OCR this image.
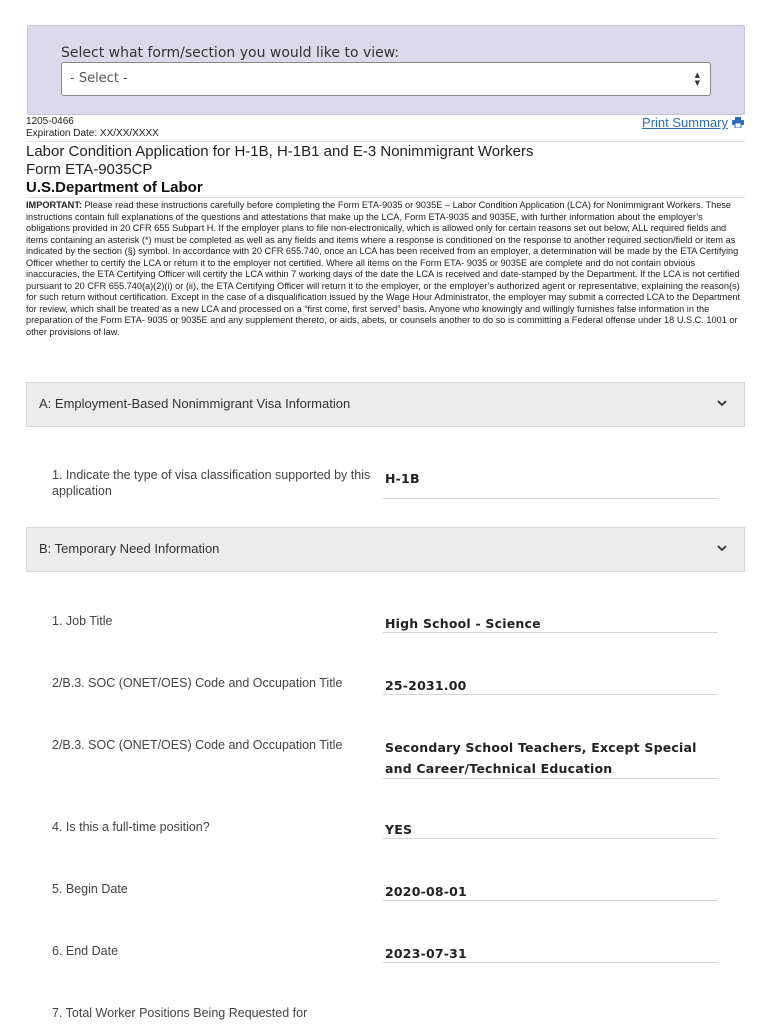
Select what form/section you would like to view:
- Select -	▲
▼
1205-0466
Expiration Date: XX/XX/XXXX
Print Summary
Labor Condition Application for H-1B, H-1B1 and E-3 Nonimmigrant Workers
Form ETA-9035CP
U.S.Department of Labor
IMPORTANT: Please read these instructions carefully before completing the Form ETA-9035 or 9035E – Labor Condition Application (LCA) for Nonimmigrant Workers. These instructions contain full explanations of the questions and attestations that make up the LCA, Form ETA-9035 and 9035E, with further information about the employer’s obligations provided in 20 CFR 655 Subpart H. If the employer plans to file non-electronically, which is allowed only for certain reasons set out below, ALL required fields and items containing an asterisk (*) must be completed as well as any fields and items where a response is conditioned on the response to another required section/field or item as indicated by the section (§) symbol. In accordance with 20 CFR 655.740, once an LCA has been received from an employer, a determination will be made by the ETA Certifying Officer whether to certify the LCA or return it to the employer not certified. Where all items on the Form ETA- 9035 or 9035E are complete and do not contain obvious inaccuracies, the ETA Certifying Officer will certify the LCA within 7 working days of the date the LCA is received and date-stamped by the Department. If the LCA is not certified pursuant to 20 CFR 655.740(a)(2)(i) or (ii), the ETA Certifying Officer will return it to the employer, or the employer’s authorized agent or representative, explaining the reason(s) for such return without certification. Except in the case of a disqualification issued by the Wage Hour Administrator, the employer may submit a corrected LCA to the Department for review, which shall be treated as a new LCA and processed on a “first come, first served” basis. Anyone who knowingly and willingly furnishes false information in the preparation of the Form ETA- 9035 or 9035E and any supplement thereto, or aids, abets, or counsels another to do so is committing a Federal offense under 18 U.S.C. 1001 or other provisions of law.
A: Employment-Based Nonimmigrant Visa Information
1. Indicate the type of visa classification supported by this application
H-1B
B: Temporary Need Information
1. Job Title	High School - Science
2/B.3. SOC (ONET/OES) Code and Occupation Title	25-2031.00
2/B.3. SOC (ONET/OES) Code and Occupation Title	Secondary School Teachers, Except Special and Career/Technical Education
4. Is this a full-time position?	YES
5. Begin Date	2020-08-01
6. End Date	2023-07-31
7. Total Worker Positions Being Requested for
